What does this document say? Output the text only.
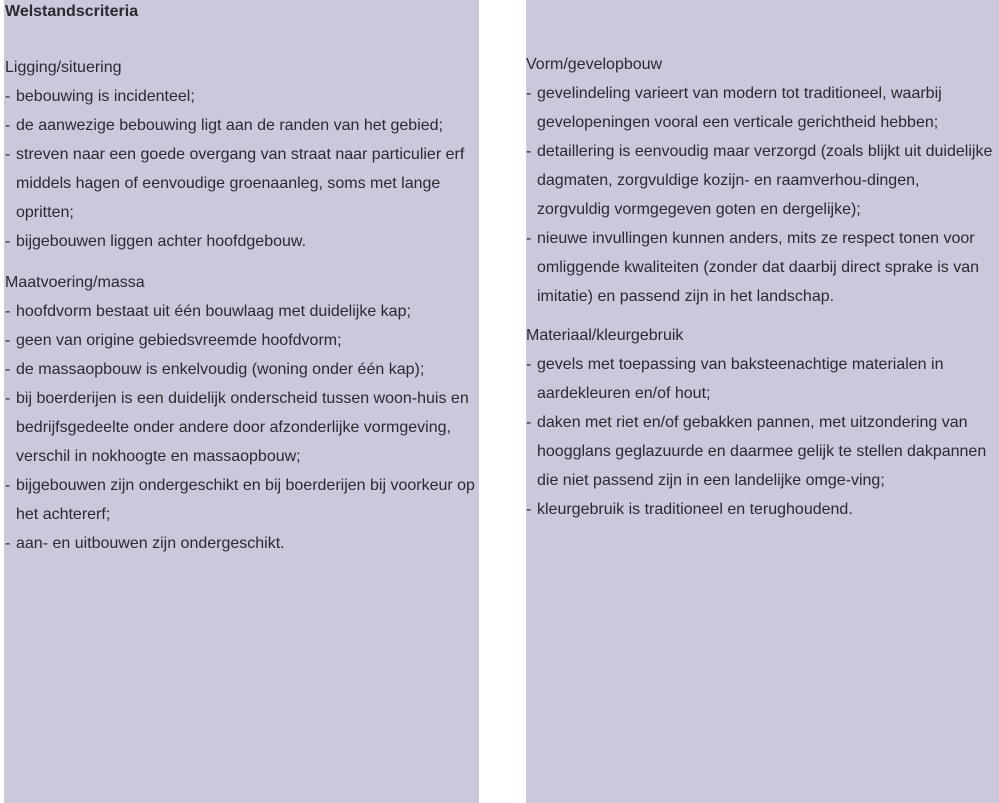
Welstandscriteria
Ligging/situering
- bebouwing is incidenteel;
- de aanwezige bebouwing ligt aan de randen van het gebied;
- streven naar een goede overgang van straat naar particulier erf middels hagen of eenvoudige groenaanleg, soms met lange opritten;
- bijgebouwen liggen achter hoofdgebouw.
Maatvoering/massa
- hoofdvorm bestaat uit één bouwlaag met duidelijke kap;
- geen van origine gebiedsvreemde hoofdvorm;
- de massaopbouw is enkelvoudig (woning onder één kap);
- bij boerderijen is een duidelijk onderscheid tussen woon-huis en bedrijfsgedeelte onder andere door afzonderlijke vormgeving, verschil in nokhoogte en massaopbouw;
- bijgebouwen zijn ondergeschikt en bij boerderijen bij voorkeur op het achtererf;
- aan- en uitbouwen zijn ondergeschikt.
Vorm/gevelopbouw
- gevelindeling varieert van modern tot traditioneel, waarbij gevelopeningen vooral een verticale gerichtheid hebben;
- detaillering is eenvoudig maar verzorgd (zoals blijkt uit duidelijke dagmaten, zorgvuldige kozijn- en raamverhou-dingen, zorgvuldig vormgegeven goten en dergelijke);
- nieuwe invullingen kunnen anders, mits ze respect tonen voor omliggende kwaliteiten (zonder dat daarbij direct sprake is van imitatie) en passend zijn in het landschap.
Materiaal/kleurgebruik
- gevels met toepassing van baksteenachtige materialen in aardekleuren en/of hout;
- daken met riet en/of gebakken pannen, met uitzondering van hoogglans geglazuurde en daarmee gelijk te stellen dakpannen die niet passend zijn in een landelijke omge-ving;
- kleurgebruik is traditioneel en terughoudend.
